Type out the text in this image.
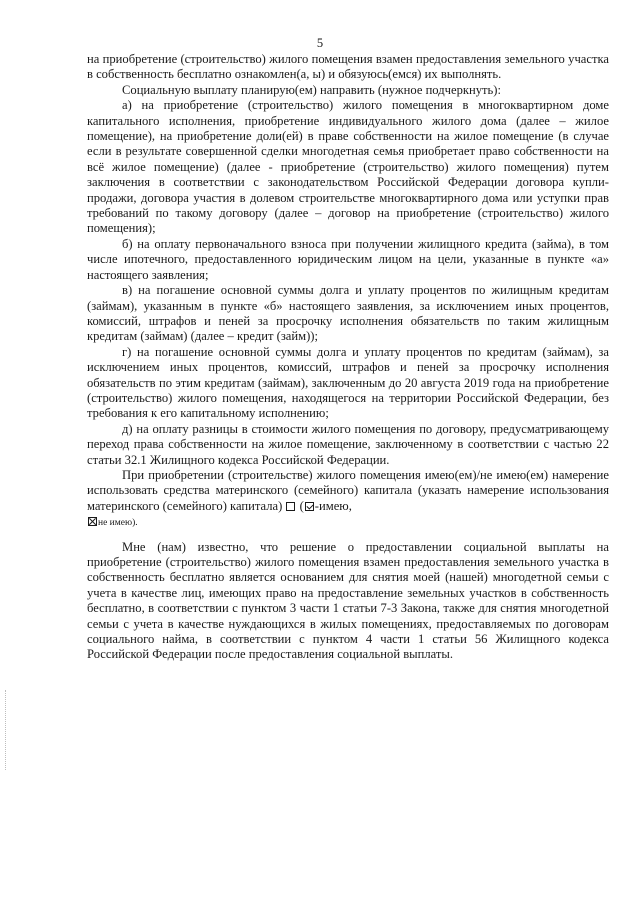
5

на приобретение (строительство) жилого помещения взамен предоставления земельного участка в собственность бесплатно ознакомлен(а, ы) и обязуюсь(емся) их выполнять.

Социальную выплату планирую(ем) направить (нужное подчеркнуть):

а) на приобретение (строительство) жилого помещения в многоквартирном доме капитального исполнения, приобретение индивидуального жилого дома (далее – жилое помещение), на приобретение доли(ей) в праве собственности на жилое помещение (в случае если в результате совершенной сделки многодетная семья приобретает право собственности на всё жилое помещение) (далее - приобретение (строительство) жилого помещения) путем заключения в соответствии с законодательством Российской Федерации договора купли-продажи, договора участия в долевом строительстве многоквартирного дома или уступки прав требований по такому договору (далее – договор на приобретение (строительство) жилого помещения);

б) на оплату первоначального взноса при получении жилищного кредита (займа), в том числе ипотечного, предоставленного юридическим лицом на цели, указанные в пункте «а» настоящего заявления;

в) на погашение основной суммы долга и уплату процентов по жилищным кредитам (займам), указанным в пункте «б» настоящего заявления, за исключением иных процентов, комиссий, штрафов и пеней за просрочку исполнения обязательств по таким жилищным кредитам (займам) (далее – кредит (займ));

г) на погашение основной суммы долга и уплату процентов по кредитам (займам), за исключением иных процентов, комиссий, штрафов и пеней за просрочку исполнения обязательств по этим кредитам (займам), заключенным до 20 августа 2019 года на приобретение (строительство) жилого помещения, находящегося на территории Российской Федерации, без требования к его капитальному исполнению;

д) на оплату разницы в стоимости жилого помещения по договору, предусматривающему переход права собственности на жилое помещение, заключенному в соответствии с частью 22 статьи 32.1 Жилищного кодекса Российской Федерации.

При приобретении (строительстве) жилого помещения имею(ем)/не имею(ем) намерение использовать средства материнского (семейного) капитала (указать намерение использования материнского (семейного) капитала)  ( -имею,
не имею).

Мне (нам) известно, что решение о предоставлении социальной выплаты на приобретение (строительство) жилого помещения взамен предоставления земельного участка в собственность бесплатно является основанием для снятия моей (нашей) многодетной семьи с учета в качестве лиц, имеющих право на предоставление земельных участков в собственность бесплатно, в соответствии с пунктом 3 части 1 статьи 7-3 Закона, также для снятия многодетной семьи с учета в качестве нуждающихся в жилых помещениях, предоставляемых по договорам социального найма, в соответствии с пунктом 4 части 1 статьи 56 Жилищного кодекса Российской Федерации после предоставления социальной выплаты.
